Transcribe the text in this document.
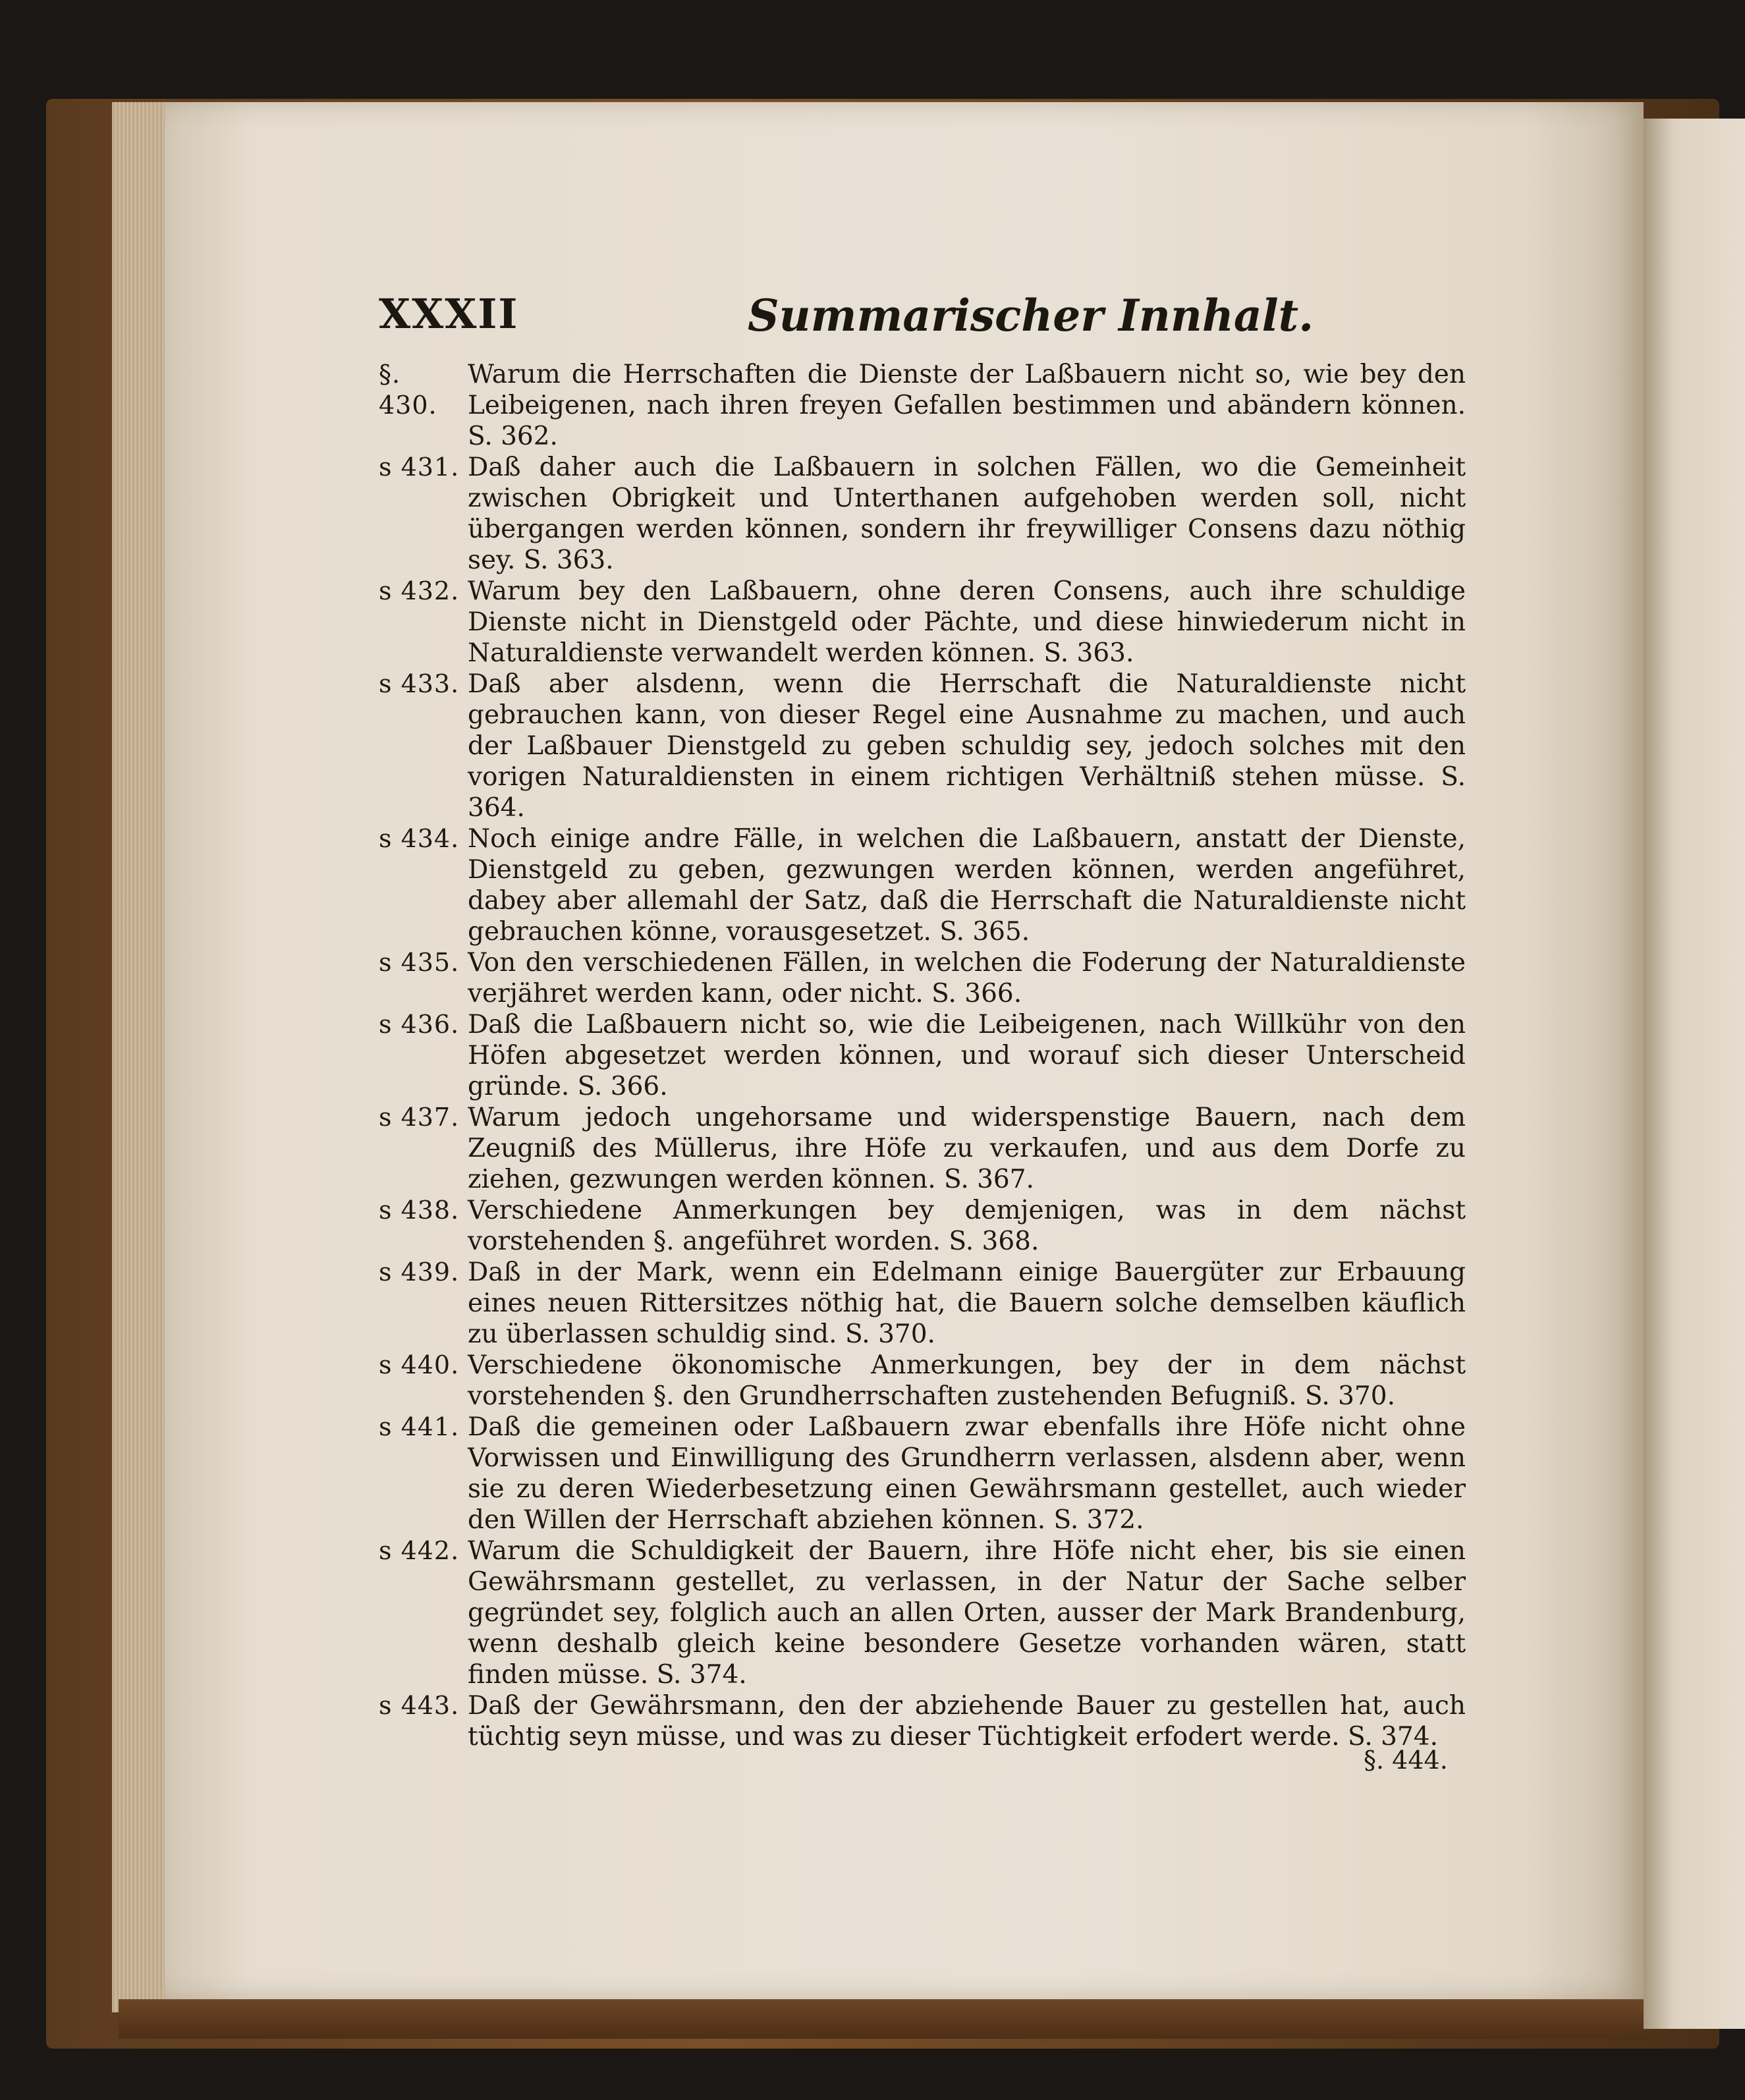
XXXII	Summarischer Innhalt.
§. 430.
Warum die Herrschaften die Dienste der Laßbauern nicht so, wie bey den Leibeigenen, nach ihren freyen Gefallen bestimmen und abändern können. S. 362.
s 431. Daß daher auch die Laßbauern in solchen Fällen, wo die Gemeinheit zwischen Obrigkeit und Unterthanen aufgehoben werden soll, nicht übergangen werden können, sondern ihr freywilliger Consens dazu nöthig sey. S. 363.
s 432. Warum bey den Laßbauern, ohne deren Consens, auch ihre schuldige Dienste nicht in Dienstgeld oder Pächte, und diese hinwiederum nicht in Naturaldienste verwandelt werden können. S. 363.
s 433. Daß aber alsdenn, wenn die Herrschaft die Naturaldienste nicht gebrauchen kann, von dieser Regel eine Ausnahme zu machen, und auch der Laßbauer Dienstgeld zu geben schuldig sey, jedoch solches mit den vorigen Naturaldiensten in einem richtigen Verhältniß stehen müsse. S. 364.
s 434. Noch einige andre Fälle, in welchen die Laßbauern, anstatt der Dienste, Dienstgeld zu geben, gezwungen werden können, werden angeführet, dabey aber allemahl der Satz, daß die Herrschaft die Naturaldienste nicht gebrauchen könne, vorausgesetzet. S. 365.
s 435. Von den verschiedenen Fällen, in welchen die Foderung der Naturaldienste verjähret werden kann, oder nicht. S. 366.
s 436. Daß die Laßbauern nicht so, wie die Leibeigenen, nach Willkühr von den Höfen abgesetzet werden können, und worauf sich dieser Unterscheid gründe. S. 366.
s 437. Warum jedoch ungehorsame und widerspenstige Bauern, nach dem Zeugniß des Müllerus, ihre Höfe zu verkaufen, und aus dem Dorfe zu ziehen, gezwungen werden können. S. 367.
s 438. Verschiedene Anmerkungen bey demjenigen, was in dem nächst vorstehenden §. angeführet worden. S. 368.
s 439. Daß in der Mark, wenn ein Edelmann einige Bauergüter zur Erbauung eines neuen Rittersitzes nöthig hat, die Bauern solche demselben käuflich zu überlassen schuldig sind. S. 370.
s 440. Verschiedene ökonomische Anmerkungen, bey der in dem nächst vorstehenden §. den Grundherrschaften zustehenden Befugniß. S. 370.
s 441. Daß die gemeinen oder Laßbauern zwar ebenfalls ihre Höfe nicht ohne Vorwissen und Einwilligung des Grundherrn verlassen, alsdenn aber, wenn sie zu deren Wiederbesetzung einen Gewährsmann gestellet, auch wieder den Willen der Herrschaft abziehen können. S. 372.
s 442. Warum die Schuldigkeit der Bauern, ihre Höfe nicht eher, bis sie einen Gewährsmann gestellet, zu verlassen, in der Natur der Sache selber gegründet sey, folglich auch an allen Orten, ausser der Mark Brandenburg, wenn deshalb gleich keine besondere Gesetze vorhanden wären, statt finden müsse. S. 374.
s 443. Daß der Gewährsmann, den der abziehende Bauer zu gestellen hat, auch tüchtig seyn müsse, und was zu dieser Tüchtigkeit erfodert werde. S. 374.
§. 444.
